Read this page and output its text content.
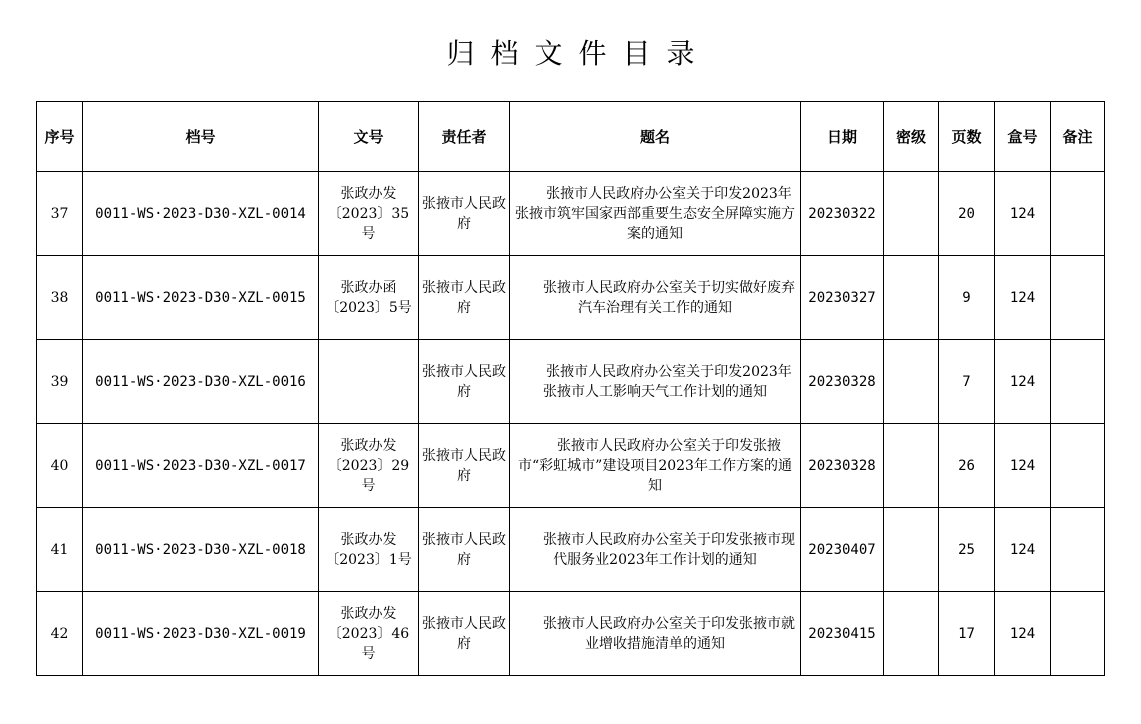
归档文件目录
序号	档号	文号	责任者	题名	日期	密级	页数	盒号	备注
37	0011-WS·2023-D30-XZL-0014	张政办发〔2023〕35号	张掖市人民政府	张掖市人民政府办公室关于印发2023年张掖市筑牢国家西部重要生态安全屏障实施方案的通知	20230322		20	124	
38	0011-WS·2023-D30-XZL-0015	张政办函〔2023〕5号	张掖市人民政府	张掖市人民政府办公室关于切实做好废弃汽车治理有关工作的通知	20230327		9	124	
39	0011-WS·2023-D30-XZL-0016		张掖市人民政府	张掖市人民政府办公室关于印发2023年张掖市人工影响天气工作计划的通知	20230328		7	124	
40	0011-WS·2023-D30-XZL-0017	张政办发〔2023〕29号	张掖市人民政府	张掖市人民政府办公室关于印发张掖市“彩虹城市”建设项目2023年工作方案的通知	20230328		26	124	
41	0011-WS·2023-D30-XZL-0018	张政办发〔2023〕1号	张掖市人民政府	张掖市人民政府办公室关于印发张掖市现代服务业2023年工作计划的通知	20230407		25	124	
42	0011-WS·2023-D30-XZL-0019	张政办发〔2023〕46号	张掖市人民政府	张掖市人民政府办公室关于印发张掖市就业增收措施清单的通知	20230415		17	124	
